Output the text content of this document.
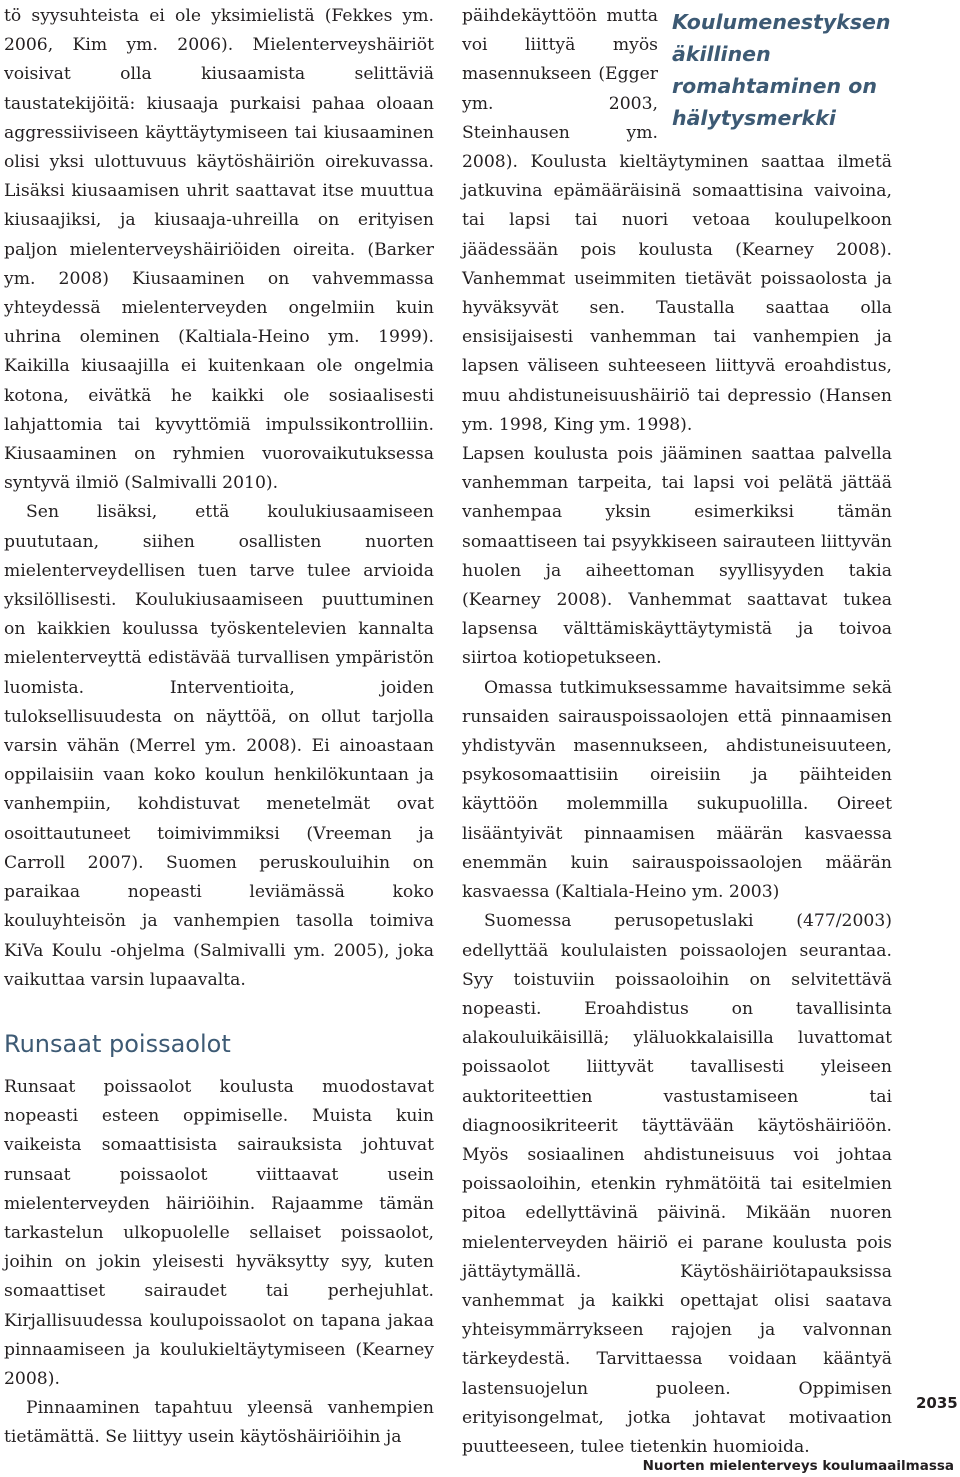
tö syysuhteista ei ole yksimielistä (Fekkes ym. 2006, Kim ym. 2006). Mielenterveyshäiriöt voisivat olla kiusaamista selittäviä taustatekijöitä: kiusaaja purkaisi pahaa oloaan aggressiiviseen käyttäytymiseen tai kiusaaminen olisi yksi ulottuvuus käytöshäiriön oirekuvassa. Lisäksi kiusaamisen uhrit saattavat itse muuttua kiusaajiksi, ja kiusaaja-uhreilla on erityisen paljon mielenterveyshäiriöiden oireita. (Barker ym. 2008) Kiusaaminen on vahvemmassa yhteydessä mielenterveyden ongelmiin kuin uhrina oleminen (Kaltiala-Heino ym. 1999). Kaikilla kiusaajilla ei kuitenkaan ole ongelmia kotona, eivätkä he kaikki ole sosiaalisesti lahjattomia tai kyvyttömiä impulssikontrolliin. Kiusaaminen on ryhmien vuorovaikutuksessa syntyvä ilmiö (Salmivalli 2010).

Sen lisäksi, että koulukiusaamiseen puututaan, siihen osallisten nuorten mielenterveydellisen tuen tarve tulee arvioida yksilöllisesti. Koulukiusaamiseen puuttuminen on kaikkien koulussa työskentelevien kannalta mielenterveyttä edistävää turvallisen ympäristön luomista. Interventioita, joiden tuloksellisuudesta on näyttöä, on ollut tarjolla varsin vähän (Merrel ym. 2008). Ei ainoastaan oppilaisiin vaan koko koulun henkilökuntaan ja vanhempiin, kohdistuvat menetelmät ovat osoittautuneet toimivimmiksi (Vreeman ja Carroll 2007). Suomen peruskouluihin on paraikaa nopeasti leviämässä koko kouluyhteisön ja vanhempien tasolla toimiva KiVa Koulu -ohjelma (Salmivalli ym. 2005), joka vaikuttaa varsin lupaavalta.

Runsaat poissaolot

Runsaat poissaolot koulusta muodostavat nopeasti esteen oppimiselle. Muista kuin vaikeista somaattisista sairauksista johtuvat runsaat poissaolot viittaavat usein mielenterveyden häiriöihin. Rajaamme tämän tarkastelun ulkopuolelle sellaiset poissaolot, joihin on jokin yleisesti hyväksytty syy, kuten somaattiset sairaudet tai perhejuhlat. Kirjallisuudessa koulupoissaolot on tapana jakaa pinnaamiseen ja koulukieltäytymiseen (Kearney 2008).

Pinnaaminen tapahtuu yleensä vanhempien tietämättä. Se liittyy usein käytöshäiriöihin ja

Koulumenestyksen äkillinen romahtaminen on hälytysmerkki

päihdekäyttöön mutta voi liittyä myös masennukseen (Egger ym. 2003, Steinhausen ym. 2008). Koulusta kieltäytyminen saattaa ilmetä jatkuvina epämääräisinä somaattisina vaivoina, tai lapsi tai nuori vetoaa koulupelkoon jäädessään pois koulusta (Kearney 2008). Vanhemmat useimmiten tietävät poissaolosta ja hyväksyvät sen. Taustalla saattaa olla ensisijaisesti vanhemman tai vanhempien ja lapsen väliseen suhteeseen liittyvä eroahdistus, muu ahdistuneisuushäiriö tai depressio (Hansen ym. 1998, King ym. 1998).

Lapsen koulusta pois jääminen saattaa palvella vanhemman tarpeita, tai lapsi voi pelätä jättää vanhempaa yksin esimerkiksi tämän somaattiseen tai psyykkiseen sairauteen liittyvän huolen ja aiheettoman syyllisyyden takia (Kearney 2008). Vanhemmat saattavat tukea lapsensa välttämiskäyttäytymistä ja toivoa siirtoa kotiopetukseen.

Omassa tutkimuksessamme havaitsimme sekä runsaiden sairauspoissaolojen että pinnaamisen yhdistyvän masennukseen, ahdistuneisuuteen, psykosomaattisiin oireisiin ja päihteiden käyttöön molemmilla sukupuolilla. Oireet lisääntyivät pinnaamisen määrän kasvaessa enemmän kuin sairauspoissaolojen määrän kasvaessa (Kaltiala-Heino ym. 2003)

Suomessa perusopetuslaki (477/2003) edellyttää koululaisten poissaolojen seurantaa. Syy toistuviin poissaoloihin on selvitettävä nopeasti. Eroahdistus on tavallisinta alakouluikäisillä; yläluokkalaisilla luvattomat poissaolot liittyvät tavallisesti yleiseen auktoriteettien vastustamiseen tai diagnoosikriteerit täyttävään käytöshäiriöön. Myös sosiaalinen ahdistuneisuus voi johtaa poissaoloihin, etenkin ryhmätöitä tai esitelmien pitoa edellyttävinä päivinä. Mikään nuoren mielenterveyden häiriö ei parane koulusta pois jättäytymällä. Käytöshäiriötapauksissa vanhemmat ja kaikki opettajat olisi saatava yhteisymmärrykseen rajojen ja valvonnan tärkeydestä. Tarvittaessa voidaan kääntyä lastensuojelun puoleen. Oppimisen erityisongelmat, jotka johtavat motivaation puutteeseen, tulee tietenkin huomioida.

2035
Nuorten mielenterveys koulumaailmassa
